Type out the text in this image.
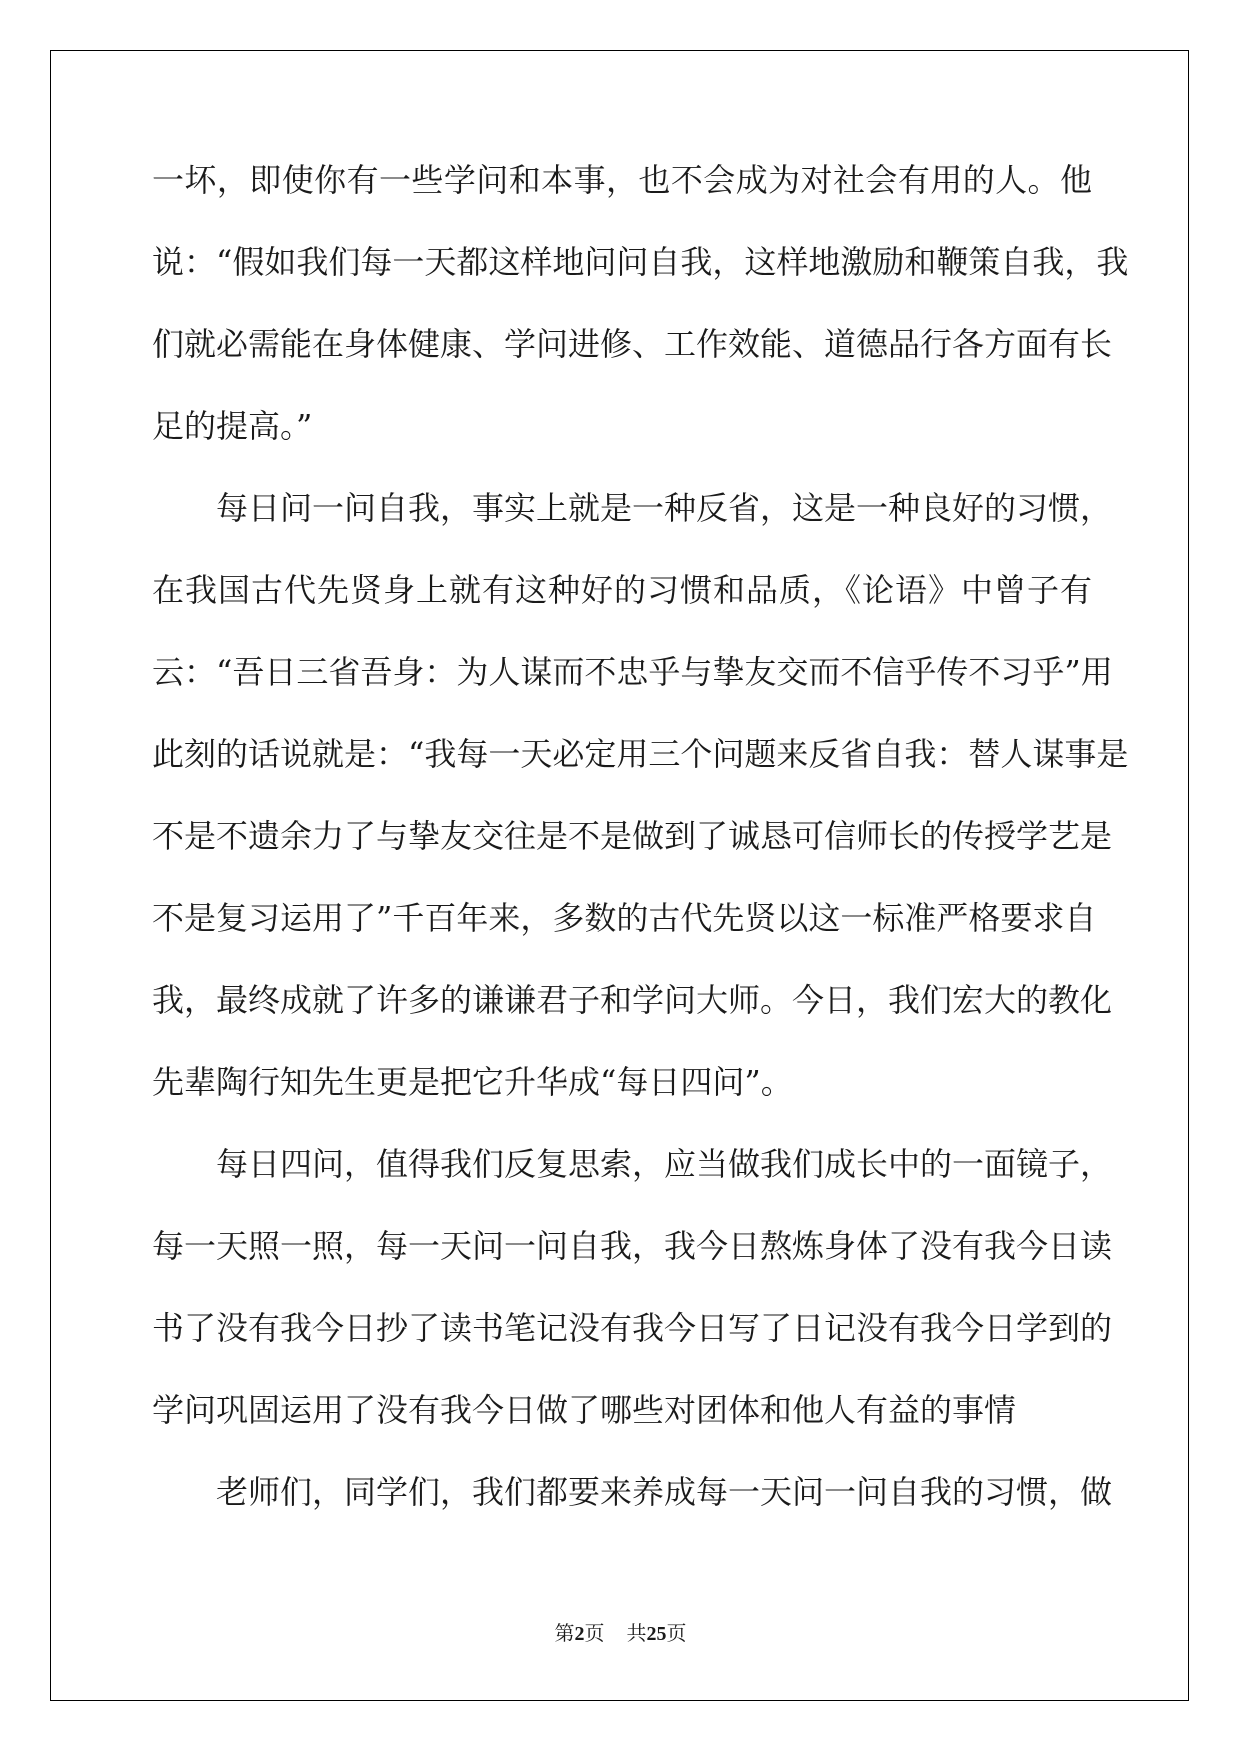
一坏，即使你有一些学问和本事，也不会成为对社会有用的人。他
说：“假如我们每一天都这样地问问自我，这样地激励和鞭策自我，我
们就必需能在身体健康、学问进修、工作效能、道德品行各方面有长
足的提高。”
每日问一问自我，事实上就是一种反省，这是一种良好的习惯，
在我国古代先贤身上就有这种好的习惯和品质，《论语》中曾子有
云：“吾日三省吾身：为人谋而不忠乎与挚友交而不信乎传不习乎”用
此刻的话说就是：“我每一天必定用三个问题来反省自我：替人谋事是
不是不遗余力了与挚友交往是不是做到了诚恳可信师长的传授学艺是
不是复习运用了”千百年来，多数的古代先贤以这一标准严格要求自
我，最终成就了许多的谦谦君子和学问大师。今日，我们宏大的教化
先辈陶行知先生更是把它升华成“每日四问”。
每日四问，值得我们反复思索，应当做我们成长中的一面镜子，
每一天照一照，每一天问一问自我，我今日熬炼身体了没有我今日读
书了没有我今日抄了读书笔记没有我今日写了日记没有我今日学到的
学问巩固运用了没有我今日做了哪些对团体和他人有益的事情
老师们，同学们，我们都要来养成每一天问一问自我的习惯，做
第2页 共25页
